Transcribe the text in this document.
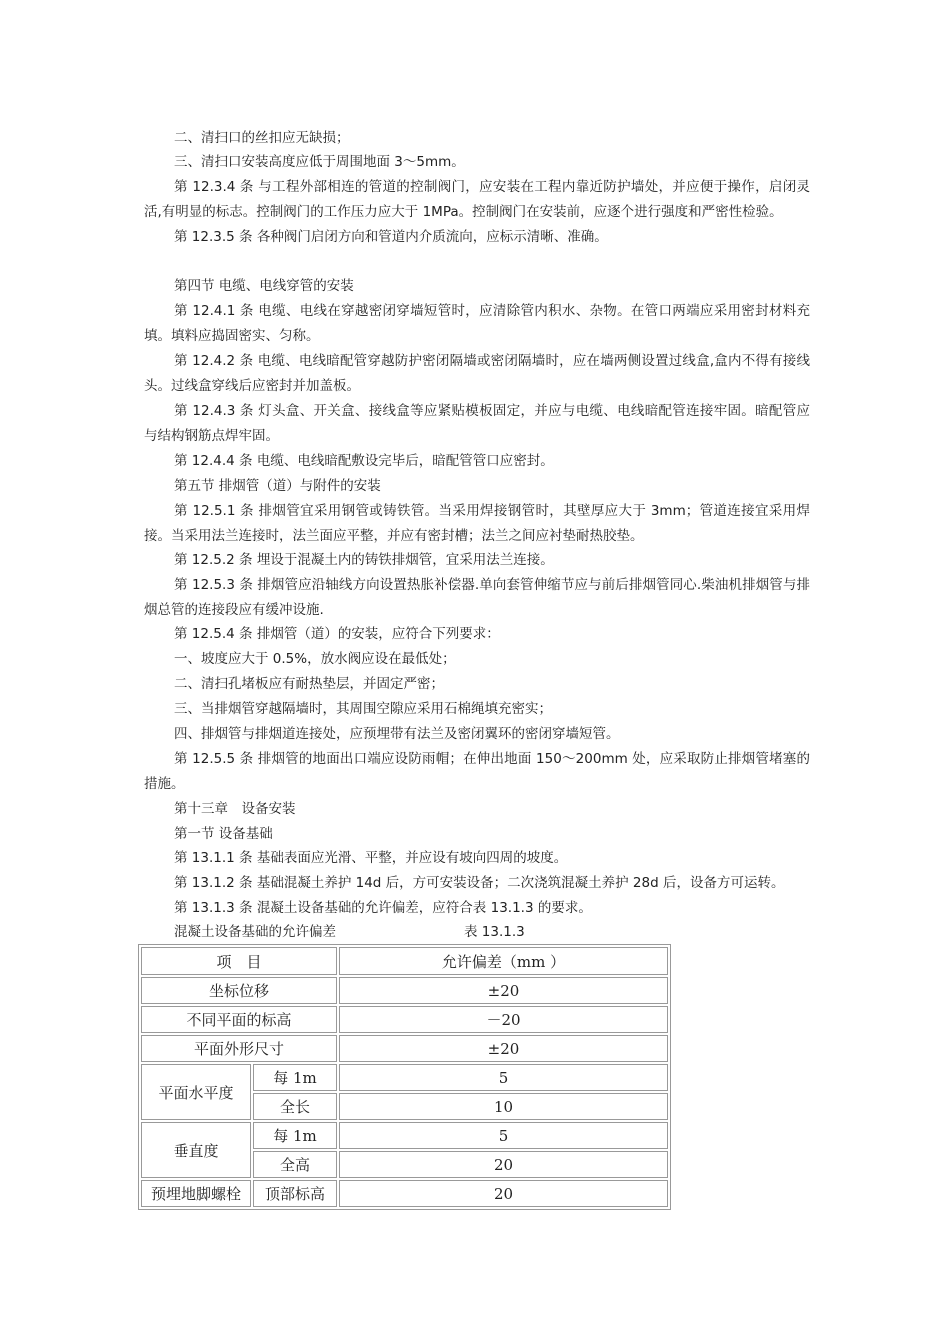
二、清扫口的丝扣应无缺损；

三、清扫口安装高度应低于周围地面 3～5mm。

第 12.3.4 条 与工程外部相连的管道的控制阀门，应安装在工程内靠近防护墙处，并应便于操作，启闭灵活,有明显的标志。控制阀门的工作压力应大于 1MPa。控制阀门在安装前，应逐个进行强度和严密性检验。

第 12.3.5 条 各种阀门启闭方向和管道内介质流向，应标示清晰、准确。

第四节 电缆、电线穿管的安装

第 12.4.1 条 电缆、电线在穿越密闭穿墙短管时，应清除管内积水、杂物。在管口两端应采用密封材料充填。填料应捣固密实、匀称。

第 12.4.2 条 电缆、电线暗配管穿越防护密闭隔墙或密闭隔墙时，应在墙两侧设置过线盒,盒内不得有接线头。过线盒穿线后应密封并加盖板。

第 12.4.3 条 灯头盒、开关盒、接线盒等应紧贴模板固定，并应与电缆、电线暗配管连接牢固。暗配管应与结构钢筋点焊牢固。

第 12.4.4 条 电缆、电线暗配敷设完毕后，暗配管管口应密封。

第五节 排烟管（道）与附件的安装

第 12.5.1 条 排烟管宜采用钢管或铸铁管。当采用焊接钢管时，其壁厚应大于 3mm；管道连接宜采用焊接。当采用法兰连接时，法兰面应平整，并应有密封槽；法兰之间应衬垫耐热胶垫。

第 12.5.2 条 埋设于混凝土内的铸铁排烟管，宜采用法兰连接。

第 12.5.3 条 排烟管应沿轴线方向设置热胀补偿器.单向套管伸缩节应与前后排烟管同心.柴油机排烟管与排烟总管的连接段应有缓冲设施.

第 12.5.4 条 排烟管（道）的安装，应符合下列要求：

一、坡度应大于 0.5%，放水阀应设在最低处；

二、清扫孔堵板应有耐热垫层，并固定严密；

三、当排烟管穿越隔墙时，其周围空隙应采用石棉绳填充密实；

四、排烟管与排烟道连接处，应预埋带有法兰及密闭翼环的密闭穿墙短管。

第 12.5.5 条 排烟管的地面出口端应设防雨帽；在伸出地面 150～200mm 处，应采取防止排烟管堵塞的措施。

第十三章　设备安装

第一节 设备基础

第 13.1.1 条 基础表面应光滑、平整，并应设有坡向四周的坡度。

第 13.1.2 条 基础混凝土养护 14d 后，方可安装设备；二次浇筑混凝土养护 28d 后，设备方可运转。

第 13.1.3 条 混凝土设备基础的允许偏差，应符合表 13.1.3 的要求。

混凝土设备基础的允许偏差	表 13.1.3
项　目		允许偏差（mm ）
坐标位移		±20
不同平面的标高		－20
平面外形尺寸		±20
平面水平度	每 1m	5
	全长	10
垂直度	每 1m	5
	全高	20
预埋地脚螺栓	顶部标高	20
